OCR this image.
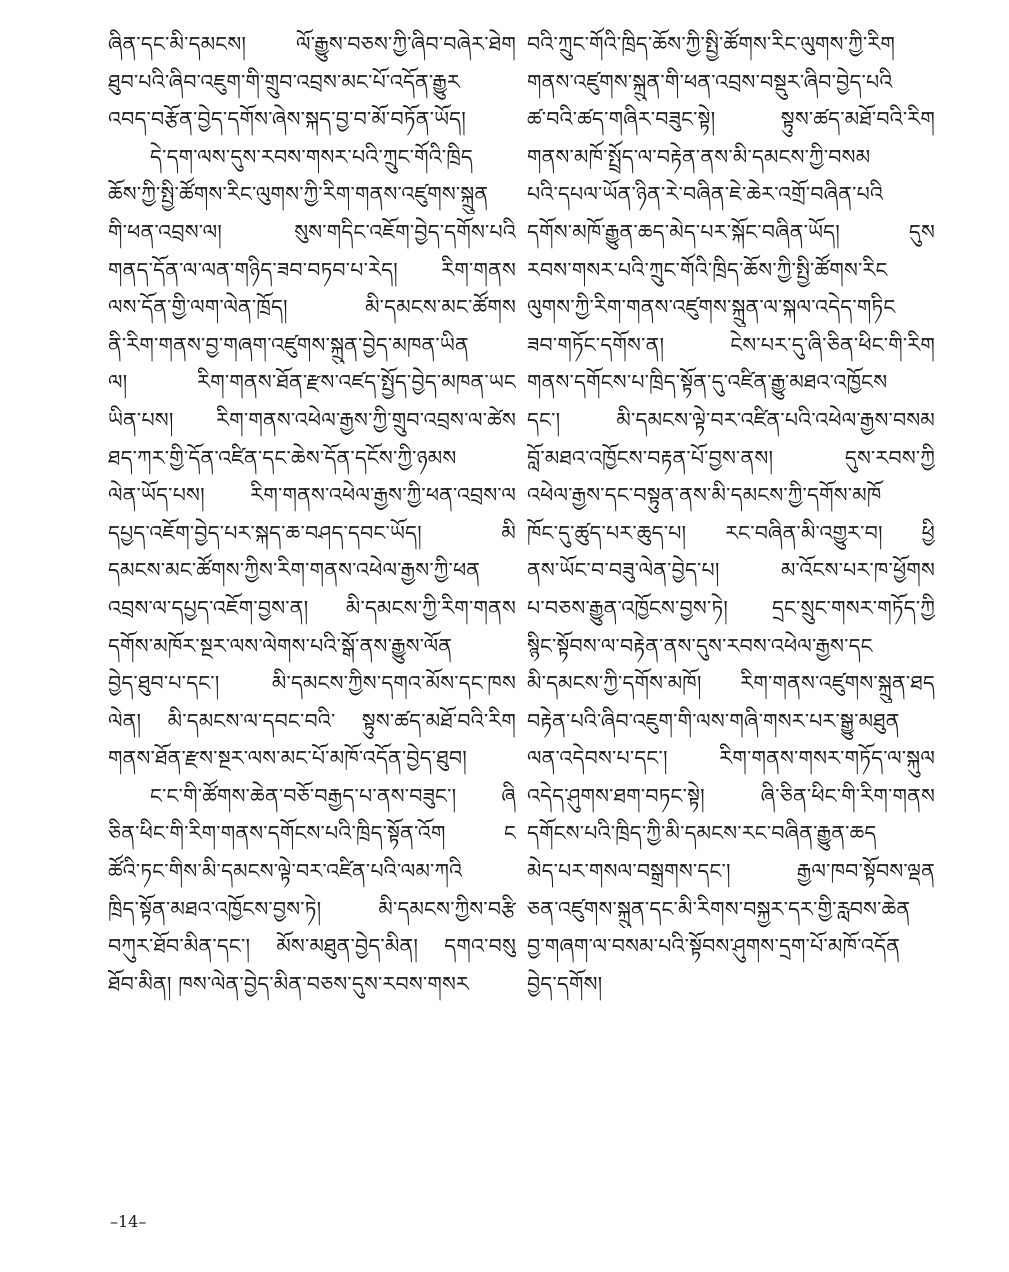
ཞིན་དང་མི་དམངས། ལོ་རྒྱུས་བཅས་ཀྱི་ཞིབ་བཞེར་ཐེག
ཐུབ་པའི་ཞིབ་འཇུག་གི་གྲུབ་འབྲས་མང་པོ་འདོན་རྒྱུར
འབད་བརྩོན་བྱེད་དགོས་ཞེས་སྐད་བྱ་བ་མོ་བཏོན་ཡོད།
དེ་དག་ལས་དུས་རབས་གསར་པའི་ཀྲུང་གོའི་ཁྲིད
ཆོས་ཀྱི་སྤྱི་ཚོགས་རིང་ལུགས་ཀྱི་རིག་གནས་འཛུགས་སྐྲུན
གི་ཕན་འབྲས་ལ། སུས་གདིང་འཇོག་བྱེད་དགོས་པའི
གནད་དོན་ལ་ལན་གཉིད་ཟབ་བཏབ་པ་རེད། རིག་གནས
ལས་དོན་གྱི་ལག་ལེན་ཁྲོད། མི་དམངས་མང་ཚོགས
ནི་རིག་གནས་བྱ་གཞག་འཛུགས་སྐྲུན་བྱེད་མཁན་ཡིན
ལ། རིག་གནས་ཐོན་རྫས་འཛད་སྤྱོད་བྱེད་མཁན་ཡང
ཡིན་པས། རིག་གནས་འཕེལ་རྒྱས་ཀྱི་གྲུབ་འབྲས་ལ་ཚེས
ཐད་ཀར་གྱི་དོན་འཛིན་དང་ཆེས་དོན་དངོས་ཀྱི་ཉམས
ལེན་ཡོད་པས། རིག་གནས་འཕེལ་རྒྱས་ཀྱི་ཕན་འབྲས་ལ
དཔྱད་འཇོག་བྱེད་པར་སྐད་ཆ་བཤད་དབང་ཡོད། མི
དམངས་མང་ཚོགས་ཀྱིས་རིག་གནས་འཕེལ་རྒྱས་ཀྱི་ཕན
འབྲས་ལ་དཔྱད་འཇོག་བྱས་ན། མི་དམངས་ཀྱི་རིག་གནས
དགོས་མཁོར་སྔར་ལས་ལེགས་པའི་སྒོ་ནས་རྒྱུས་ལོན
བྱེད་ཐུབ་པ་དང་། མི་དམངས་ཀྱིས་དགའ་མོས་དང་ཁས
ལེན། མི་དམངས་ལ་དབང་བའི་ སྟུས་ཚད་མཐོ་བའི་རིག
གནས་ཐོན་རྫས་སྔར་ལས་མང་པོ་མཁོ་འདོན་བྱེད་ཐུབ།
ང་ང་གི་ཚོགས་ཆེན་བཅོ་བརྒྱད་པ་ནས་བཟུང་། ཞི
ཅིན་ཕིང་གི་རིག་གནས་དགོངས་པའི་ཁྲིད་སྟོན་འོག ང
ཚོའི་ཏང་གིས་མི་དམངས་ལྟེ་བར་འཛིན་པའི་ལམ་ཀའི
ཁྲིད་སྟོན་མཐའ་འཁྱོངས་བྱས་ཏེ། མི་དམངས་ཀྱིས་བརྩི
བཀུར་ཐོབ་མིན་དང་། མོས་མཐུན་བྱེད་མིན། དགའ་བསུ
ཐོབ་མིན། ཁས་ལེན་བྱེད་མིན་བཅས་དུས་རབས་གསར
བའི་ཀྲུང་གོའི་ཁྲིད་ཆོས་ཀྱི་སྤྱི་ཚོགས་རིང་ལུགས་ཀྱི་རིག
གནས་འཛུགས་སྐྲུན་གི་ཕན་འབྲས་བསྡུར་ཞིབ་བྱེད་པའི
ཚ་བའི་ཚད་གཞིར་བཟུང་སྟེ། སྟུས་ཚད་མཐོ་བའི་རིག
གནས་མཁོ་སྤྲོད་ལ་བརྟེན་ནས་མི་དམངས་ཀྱི་བསམ
པའི་དཔལ་ཡོན་ཉིན་རེ་བཞིན་ཇེ་ཆེར་འགྲོ་བཞིན་པའི
དགོས་མཁོ་རྒྱུན་ཆད་མེད་པར་སྐོང་བཞིན་ཡོད། དུས
རབས་གསར་པའི་ཀྲུང་གོའི་ཁྲིད་ཆོས་ཀྱི་སྤྱི་ཚོགས་རིང
ལུགས་ཀྱི་རིག་གནས་འཛུགས་སྐྲུན་ལ་སྐལ་འདེད་གཏིང
ཟབ་གཏོང་དགོས་ན། ངེས་པར་དུ་ཞི་ཅིན་ཕིང་གི་རིག
གནས་དགོངས་པ་ཁྲིད་སྟོན་དུ་འཛིན་རྒྱུ་མཐའ་འཁྱོངས
དང་། མི་དམངས་ལྟེ་བར་འཛིན་པའི་འཕེལ་རྒྱས་བསམ
བློ་མཐའ་འཁྱོངས་བརྟན་པོ་བྱས་ནས། དུས་རབས་ཀྱི
འཕེལ་རྒྱས་དང་བསྟུན་ནས་མི་དམངས་ཀྱི་དགོས་མཁོ
ཁོང་དུ་ཚུད་པར་ཆུད་པ། རང་བཞིན་མི་འགྱུར་བ། ཕྱི
ནས་ཡོང་བ་བཟུ་ལེན་བྱེད་པ། མ་འོངས་པར་ཁ་ཕྱོགས
པ་བཅས་རྒྱུན་འཁྱོངས་བྱས་ཏེ། དྲང་སྲུང་གསར་གཏོད་ཀྱི
སྙིང་སྟོབས་ལ་བརྟེན་ནས་དུས་རབས་འཕེལ་རྒྱས་དང
མི་དམངས་ཀྱི་དགོས་མཁོ། རིག་གནས་འཛུགས་སྐྲུན་ཐད
བརྟེན་པའི་ཞིབ་འཇུག་གི་ལས་གཞི་གསར་པར་སྒྱུ་མཐུན
ལན་འདེབས་པ་དང་། རིག་གནས་གསར་གཏོད་ལ་སྐུལ
འདེད་ཤུགས་ཐག་བཏང་སྟེ། ཞི་ཅིན་ཕིང་གི་རིག་གནས
དགོངས་པའི་ཁྲིད་ཀྱི་མི་དམངས་རང་བཞིན་རྒྱུན་ཆད
མེད་པར་གསལ་བསྒྲགས་དང་། རྒྱལ་ཁབ་སྟོབས་ལྡན
ཅན་འཛུགས་སྐྲུན་དང་མི་རིགས་བསྐྱར་དར་གྱི་རླབས་ཆེན
བྱ་གཞག་ལ་བསམ་པའི་སྟོབས་ཤུགས་དྲག་པོ་མཁོ་འདོན
བྱེད་དགོས།
–14–
